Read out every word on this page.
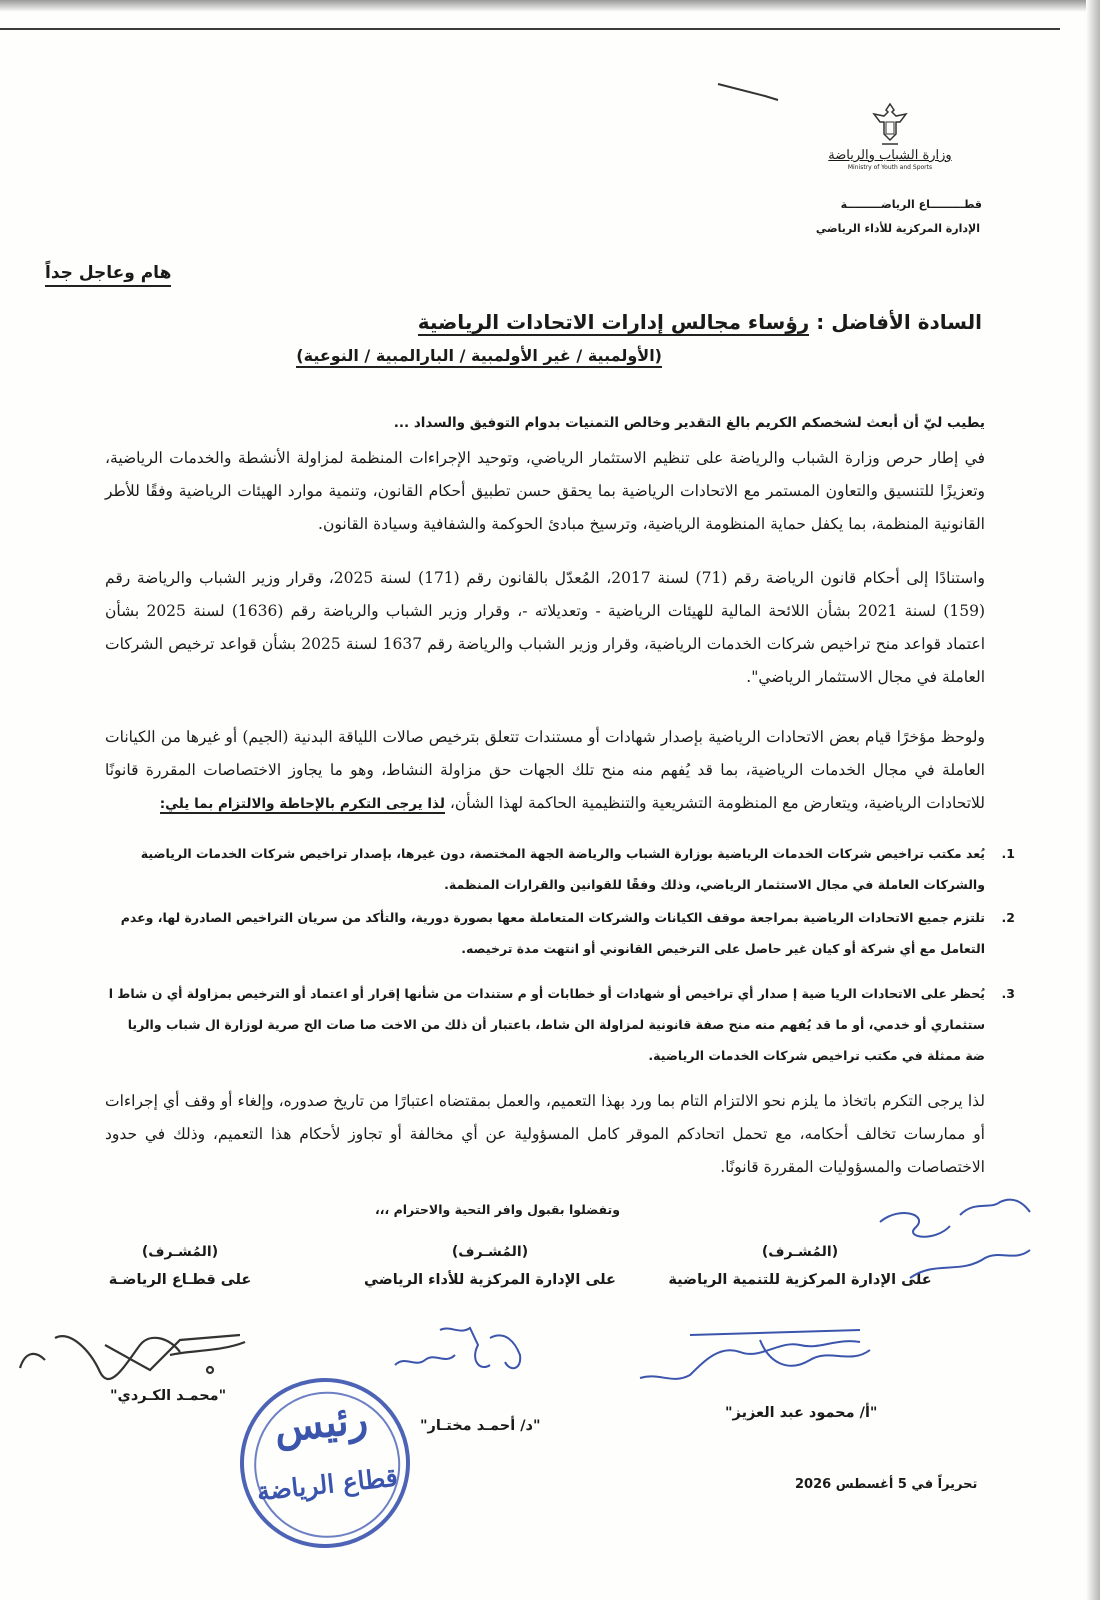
وزارة الشباب والرياضة
Ministry of Youth and Sports
قطـــــــــاع الرياضـــــــــة
الإدارة المركزية للأداء الرياضي
هام وعاجل جداً
السادة الأفاضل : رؤساء مجالس إدارات الاتحادات الرياضية
(الأولمبية / غير الأولمبية / البارالمبية / النوعية)
يطيب ليّ أن أبعث لشخصكم الكريم بالغ التقدير وخالص التمنيات بدوام التوفيق والسداد ...
في إطار حرص وزارة الشباب والرياضة على تنظيم الاستثمار الرياضي، وتوحيد الإجراءات المنظمة لمزاولة الأنشطة والخدمات الرياضية، وتعزيزًا للتنسيق والتعاون المستمر مع الاتحادات الرياضية بما يحقق حسن تطبيق أحكام القانون، وتنمية موارد الهيئات الرياضية وفقًا للأطر القانونية المنظمة، بما يكفل حماية المنظومة الرياضية، وترسيخ مبادئ الحوكمة والشفافية وسيادة القانون.
واستنادًا إلى أحكام قانون الرياضة رقم (71) لسنة 2017، المُعدّل بالقانون رقم (171) لسنة 2025، وقرار وزير الشباب والرياضة رقم (159) لسنة 2021 بشأن اللائحة المالية للهيئات الرياضية - وتعديلاته -، وقرار وزير الشباب والرياضة رقم (1636) لسنة 2025 بشأن اعتماد قواعد منح تراخيص شركات الخدمات الرياضية، وقرار وزير الشباب والرياضة رقم 1637 لسنة 2025 بشأن قواعد ترخيص الشركات العاملة في مجال الاستثمار الرياضي".
ولوحظ مؤخرًا قيام بعض الاتحادات الرياضية بإصدار شهادات أو مستندات تتعلق بترخيص صالات اللياقة البدنية (الجيم) أو غيرها من الكيانات العاملة في مجال الخدمات الرياضية، بما قد يُفهم منه منح تلك الجهات حق مزاولة النشاط، وهو ما يجاوز الاختصاصات المقررة قانونًا للاتحادات الرياضية، ويتعارض مع المنظومة التشريعية والتنظيمية الحاكمة لهذا الشأن، لذا يرجى التكرم بالإحاطة والالتزام بما يلي:
1.
يُعد مكتب تراخيص شركات الخدمات الرياضية بوزارة الشباب والرياضة الجهة المختصة، دون غيرها، بإصدار تراخيص شركات الخدمات الرياضية والشركات العاملة في مجال الاستثمار الرياضي، وذلك وفقًا للقوانين والقرارات المنظمة.
2.
تلتزم جميع الاتحادات الرياضية بمراجعة موقف الكيانات والشركات المتعاملة معها بصورة دورية، والتأكد من سريان التراخيص الصادرة لها، وعدم التعامل مع أي شركة أو كيان غير حاصل على الترخيص القانوني أو انتهت مدة ترخيصه.
3.
يُحظر على الاتحادات الريا ضية إ صدار أي تراخيص أو شهادات أو خطابات أو م ستندات من شأنها إقرار أو اعتماد أو الترخيص بمزاولة أي ن شاط ا ستثماري أو خدمي، أو ما قد يُفهم منه منح صفة قانونية لمزاولة الن شاط، باعتبار أن ذلك من الاخت صا صات الح صرية لوزارة ال شباب والريا ضة ممثلة في مكتب تراخيص شركات الخدمات الرياضية.
لذا يرجى التكرم باتخاذ ما يلزم نحو الالتزام التام بما ورد بهذا التعميم، والعمل بمقتضاه اعتبارًا من تاريخ صدوره، وإلغاء أو وقف أي إجراءات أو ممارسات تخالف أحكامه، مع تحمل اتحادكم الموقر كامل المسؤولية عن أي مخالفة أو تجاوز لأحكام هذا التعميم، وذلك في حدود الاختصاصات والمسؤوليات المقررة قانونًا.
وتفضلوا بقبول وافر التحية والاحترام ،،،
(المُشـرف)
على الإدارة المركزية للتنمية الرياضية
(المُشـرف)
على الإدارة المركزية للأداء الرياضي
(المُشـرف)
على قطـاع الرياضـة
"أ/ محمود عبد العزيز"
"د/ أحمـد مختـار"
"محمـد الكـردي"	رئيس
قطاع الرياضة	تحريراً في 5 أغسطس 2026
